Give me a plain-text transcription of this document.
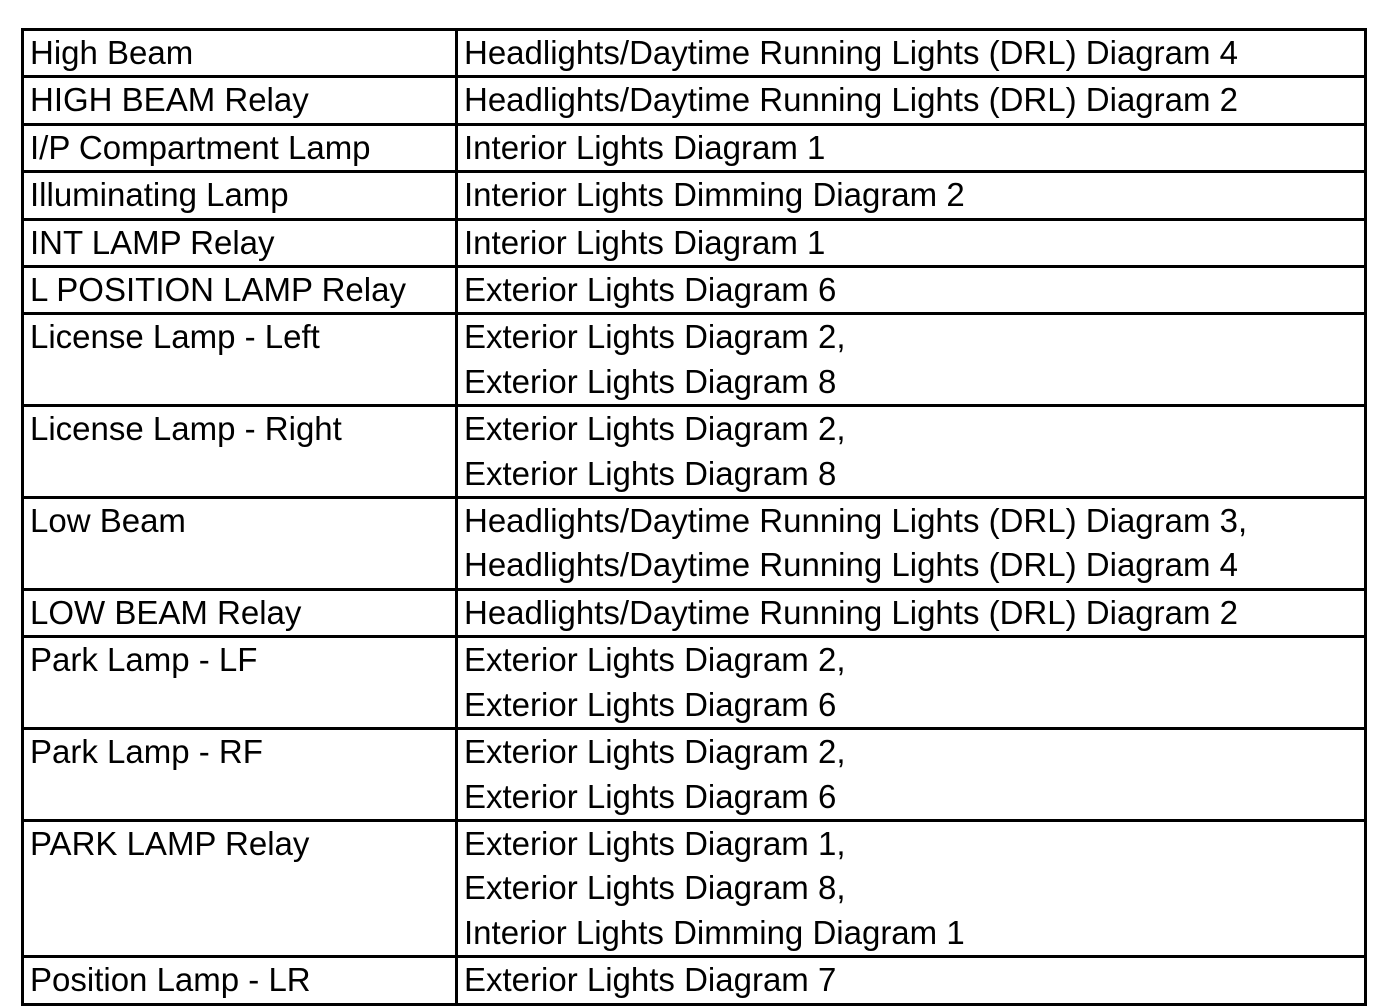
High Beam	Headlights/Daytime Running Lights (DRL) Diagram 4

HIGH BEAM Relay	Headlights/Daytime Running Lights (DRL) Diagram 2

I/P Compartment Lamp	Interior Lights Diagram 1

Illuminating Lamp	Interior Lights Dimming Diagram 2

INT LAMP Relay	Interior Lights Diagram 1

L POSITION LAMP Relay	Exterior Lights Diagram 6

License Lamp - Left	Exterior Lights Diagram 2,
Exterior Lights Diagram 8

License Lamp - Right	Exterior Lights Diagram 2,
Exterior Lights Diagram 8

Low Beam	Headlights/Daytime Running Lights (DRL) Diagram 3,
Headlights/Daytime Running Lights (DRL) Diagram 4

LOW BEAM Relay	Headlights/Daytime Running Lights (DRL) Diagram 2

Park Lamp - LF	Exterior Lights Diagram 2,
Exterior Lights Diagram 6

Park Lamp - RF	Exterior Lights Diagram 2,
Exterior Lights Diagram 6

PARK LAMP Relay	Exterior Lights Diagram 1,
Exterior Lights Diagram 8,
Interior Lights Dimming Diagram 1

Position Lamp - LR	Exterior Lights Diagram 7
